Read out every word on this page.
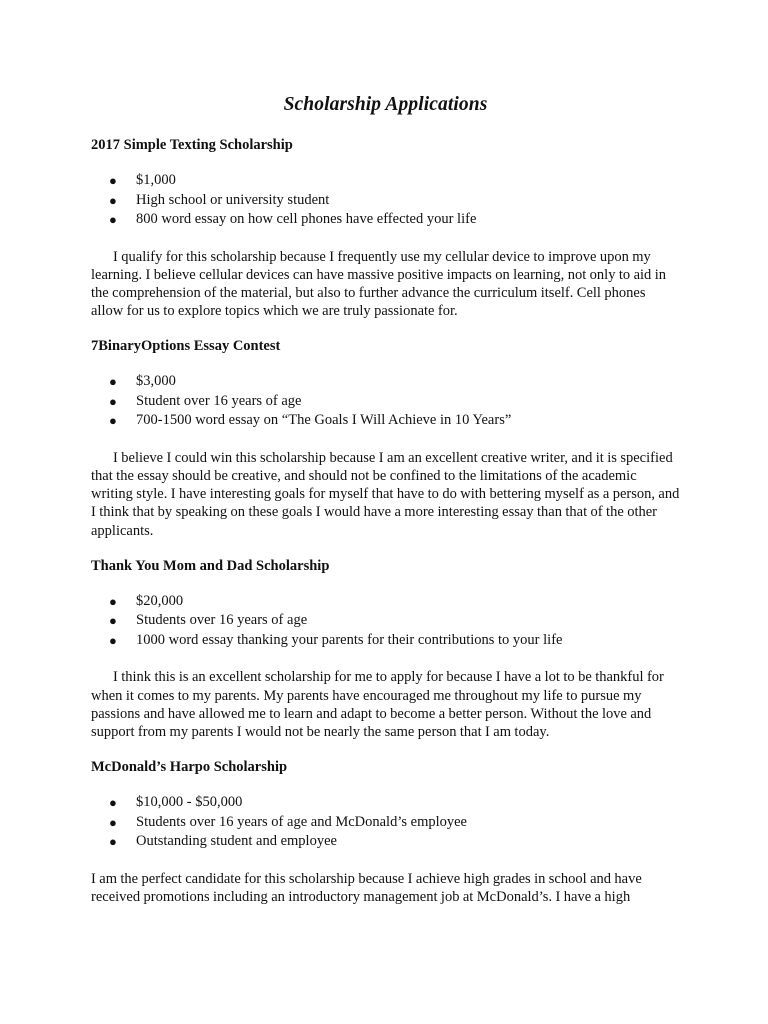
Scholarship Applications
2017 Simple Texting Scholarship
● $1,000
● High school or university student
● 800 word essay on how cell phones have effected your life

I qualify for this scholarship because I frequently use my cellular device to improve upon my learning. I believe cellular devices can have massive positive impacts on learning, not only to aid in the comprehension of the material, but also to further advance the curriculum itself. Cell phones allow for us to explore topics which we are truly passionate for.

7BinaryOptions Essay Contest
● $3,000
● Student over 16 years of age
● 700-1500 word essay on “The Goals I Will Achieve in 10 Years”

I believe I could win this scholarship because I am an excellent creative writer, and it is specified that the essay should be creative, and should not be confined to the limitations of the academic writing style. I have interesting goals for myself that have to do with bettering myself as a person, and I think that by speaking on these goals I would have a more interesting essay than that of the other applicants.

Thank You Mom and Dad Scholarship
● $20,000
● Students over 16 years of age
● 1000 word essay thanking your parents for their contributions to your life

I think this is an excellent scholarship for me to apply for because I have a lot to be thankful for when it comes to my parents. My parents have encouraged me throughout my life to pursue my passions and have allowed me to learn and adapt to become a better person. Without the love and support from my parents I would not be nearly the same person that I am today.

McDonald’s Harpo Scholarship
● $10,000 - $50,000
● Students over 16 years of age and McDonald’s employee
● Outstanding student and employee

I am the perfect candidate for this scholarship because I achieve high grades in school and have received promotions including an introductory management job at McDonald’s. I have a high
